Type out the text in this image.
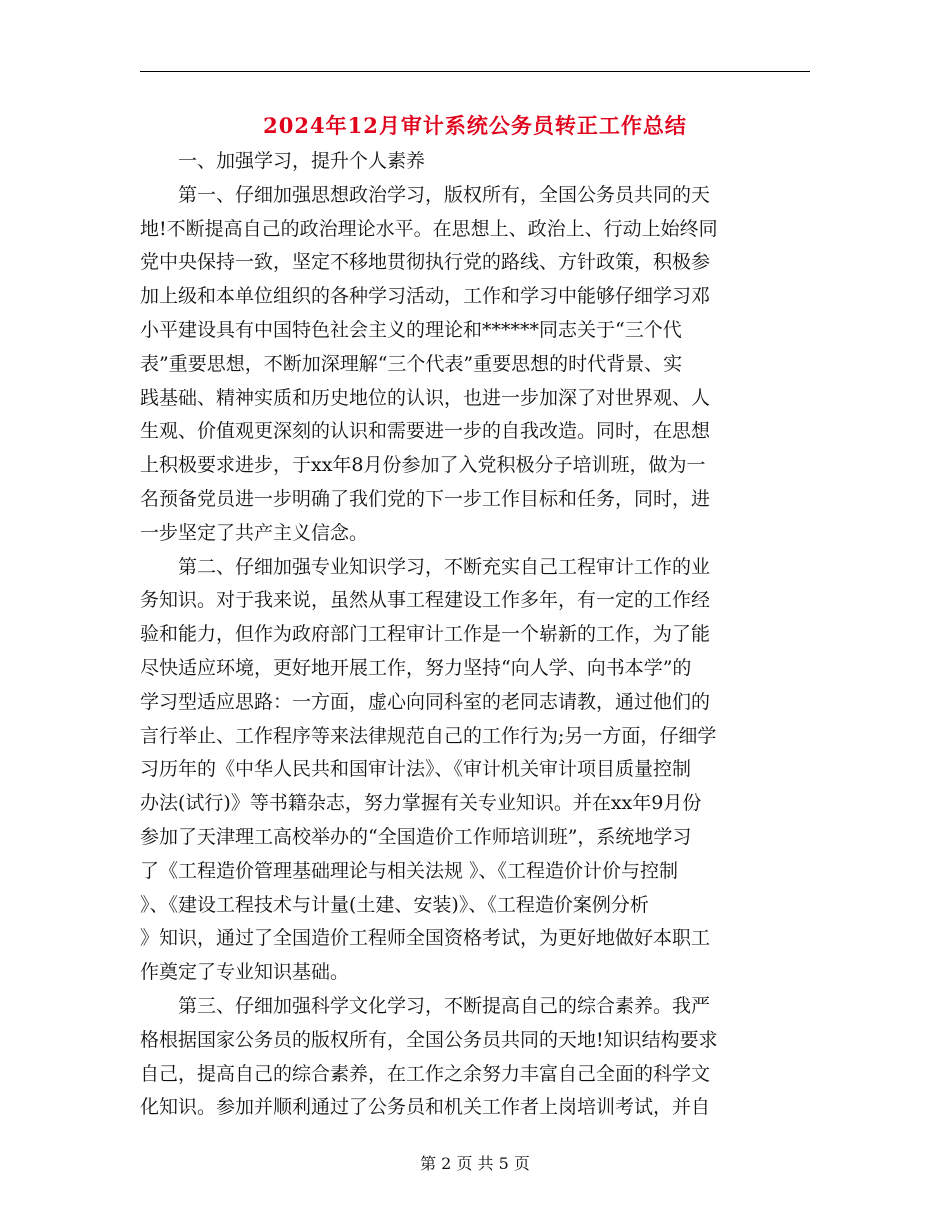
2024年12月审计系统公务员转正工作总结
　　一、加强学习，提升个人素养
　　第一、仔细加强思想政治学习，版权所有，全国公务员共同的天
地!不断提高自己的政治理论水平。在思想上、政治上、行动上始终同
党中央保持一致，坚定不移地贯彻执行党的路线、方针政策，积极参
加上级和本单位组织的各种学习活动，工作和学习中能够仔细学习邓
小平建设具有中国特色社会主义的理论和******同志关于“三个代
表”重要思想，不断加深理解“三个代表”重要思想的时代背景、实
践基础、精神实质和历史地位的认识，也进一步加深了对世界观、人
生观、价值观更深刻的认识和需要进一步的自我改造。同时，在思想
上积极要求进步，于xx年8月份参加了入党积极分子培训班，做为一
名预备党员进一步明确了我们党的下一步工作目标和任务，同时，进
一步坚定了共产主义信念。
　　第二、仔细加强专业知识学习，不断充实自己工程审计工作的业
务知识。对于我来说，虽然从事工程建设工作多年，有一定的工作经
验和能力，但作为政府部门工程审计工作是一个崭新的工作，为了能
尽快适应环境，更好地开展工作，努力坚持“向人学、向书本学”的
学习型适应思路：一方面，虚心向同科室的老同志请教，通过他们的
言行举止、工作程序等来法律规范自己的工作行为;另一方面，仔细学
习历年的《中华人民共和国审计法》、《审计机关审计项目质量控制
办法(试行)》等书籍杂志，努力掌握有关专业知识。并在xx年9月份
参加了天津理工高校举办的“全国造价工作师培训班”，系统地学习
了《工程造价管理基础理论与相关法规 》、《工程造价计价与控制
》、《建设工程技术与计量(土建、安装)》、《工程造价案例分析
》知识，通过了全国造价工程师全国资格考试，为更好地做好本职工
作奠定了专业知识基础。
　　第三、仔细加强科学文化学习，不断提高自己的综合素养。我严
格根据国家公务员的版权所有，全国公务员共同的天地!知识结构要求
自己，提高自己的综合素养，在工作之余努力丰富自己全面的科学文
化知识。参加并顺利通过了公务员和机关工作者上岗培训考试，并自
第 2 页 共 5 页
